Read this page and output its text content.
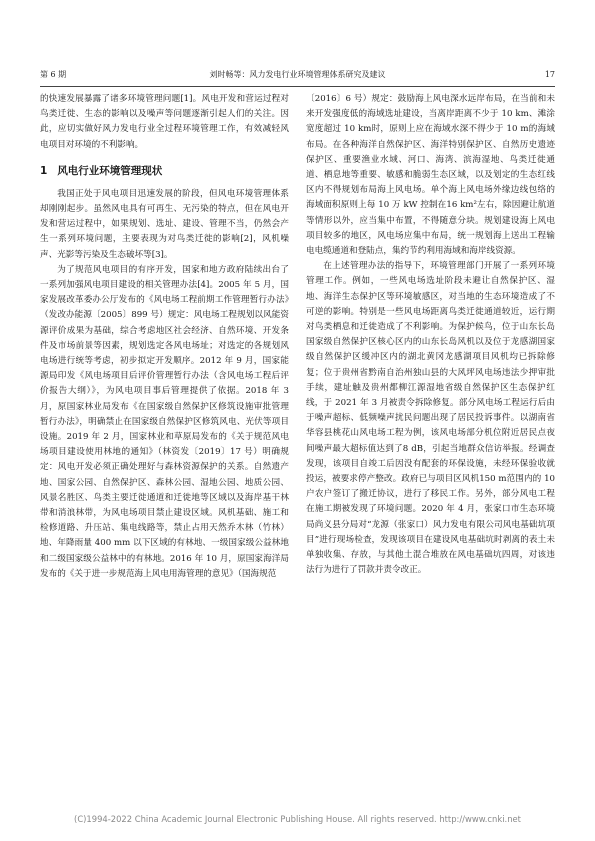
第 6 期	刘时畅等：风力发电行业环境管理体系研究及建议	17

的快速发展暴露了诸多环境管理问题[1]。风电开发和营运过程对鸟类迁徙、生态的影响以及噪声等问题逐渐引起人们的关注。因此，应切实做好风力发电行业全过程环境管理工作，有效减轻风电项目对环境的不利影响。

1 风电行业环境管理现状

我国正处于风电项目迅速发展的阶段，但风电环境管理体系却刚刚起步。虽然风电具有可再生、无污染的特点，但在风电开发和营运过程中，如果规划、选址、建设、管理不当，仍然会产生一系列环境问题，主要表现为对鸟类迁徙的影响[2]，风机噪声、光影等污染及生态破坏等[3]。

为了规范风电项目的有序开发，国家和地方政府陆续出台了一系列加强风电项目建设的相关管理办法[4]。2005 年 5 月，国家发展改革委办公厅发布的《风电场工程前期工作管理暂行办法》（发改办能源〔2005〕899 号）规定：风电场工程规划以风能资源评价成果为基础，综合考虑地区社会经济、自然环境、开发条件及市场前景等因素，规划选定各风电场址；对选定的各规划风电场进行统等考虑，初步拟定开发顺序。2012 年 9 月，国家能源局印发《风电场项目后评价管理暂行办法（含风电场工程后评价报告大纲）》，为风电项目事后管理提供了依据。2018 年 3 月，原国家林业局发布《在国家级自然保护区修筑设施审批管理暂行办法》，明确禁止在国家级自然保护区修筑风电、光伏等项目设施。2019 年 2 月，国家林业和草原局发布的《关于规范风电场项目建设使用林地的通知》（林资发〔2019〕17 号）明确规定：风电开发必须正确处理好与森林资源保护的关系。自然遗产地、国家公园、自然保护区、森林公园、湿地公园、地质公园、风景名胜区、鸟类主要迁徙通道和迁徙地等区域以及海岸基干林带和消浪林带，为风电场项目禁止建设区域。风机基础、施工和检修道路、升压站、集电线路等，禁止占用天然乔木林（竹林）地、年降雨量 400 mm 以下区域的有林地、一级国家级公益林地和二级国家级公益林中的有林地。2016 年 10 月，原国家海洋局发布的《关于进一步规范海上风电用海管理的意见》（国海规范

〔2016〕6 号）规定：鼓励海上风电深水远岸布局，在当前和未来开发强度低的海域选址建设，当离岸距离不少于 10 km、滩涂宽度超过 10 km时，原则上应在海域水深不得少于 10 m的海域布局。在各种海洋自然保护区、海洋特别保护区、自然历史遗迹保护区、重要渔业水域、河口、海湾、滨海湿地、鸟类迁徙通道、栖息地等重要、敏感和脆弱生态区域，以及划定的生态红线区内不得规划布局海上风电场。单个海上风电场外缘边线包络的海域面积原则上每 10 万 kW 控制在16 km²左右，除因避让航道等情形以外，应当集中布置，不得随意分块。规划建设海上风电项目较多的地区，风电场应集中布局，统一规划海上送出工程输电电缆通道和登陆点，集约节约利用海域和海岸线资源。

在上述管理办法的指导下，环境管理部门开展了一系列环境管理工作。例如，一些风电场选址阶段未避让自然保护区、湿地、海洋生态保护区等环境敏感区，对当地的生态环境造成了不可逆的影响。特别是一些风电场距离鸟类迁徙通道较近，运行期对鸟类栖息和迁徙造成了不利影响。为保护候鸟，位于山东长岛国家级自然保护区核心区内的山东长岛风机以及位于龙感湖国家级自然保护区缓冲区内的湖北黄冈龙感湖项目风机均已拆除修复；位于贵州省黔南自治州独山县的大风坪风电场违法少押审批手续，建址触及贵州都柳江源湿地省级自然保护区生态保护红线，于 2021 年 3 月被责令拆除修复。部分风电场工程运行后由于噪声超标、低频噪声扰民问题出现了居民投诉事件。以湖南省华容县桃花山风电场工程为例，该风电场部分机位附近居民点夜间噪声最大超标值达到了8 dB，引起当地群众信访举报。经调查发现，该项目自竣工后因没有配套的环保设施，未经环保验收就投运，被要求停产整改。政府已与项目区风机150 m范围内的 10 户农户签订了搬迁协议，进行了移民工作。另外，部分风电工程在施工期被发现了环境问题。2020 年 4 月，张家口市生态环境局尚义县分局对“龙源（张家口）风力发电有限公司风电基础坑项目”进行现场检查，发现该项目在建设风电基础坑时剥离的表土未单独收集、存放，与其他土混合堆放在风电基础坑四周，对该违法行为进行了罚款并责令改正。

(C)1994-2022 China Academic Journal Electronic Publishing House. All rights reserved. http://www.cnki.net
